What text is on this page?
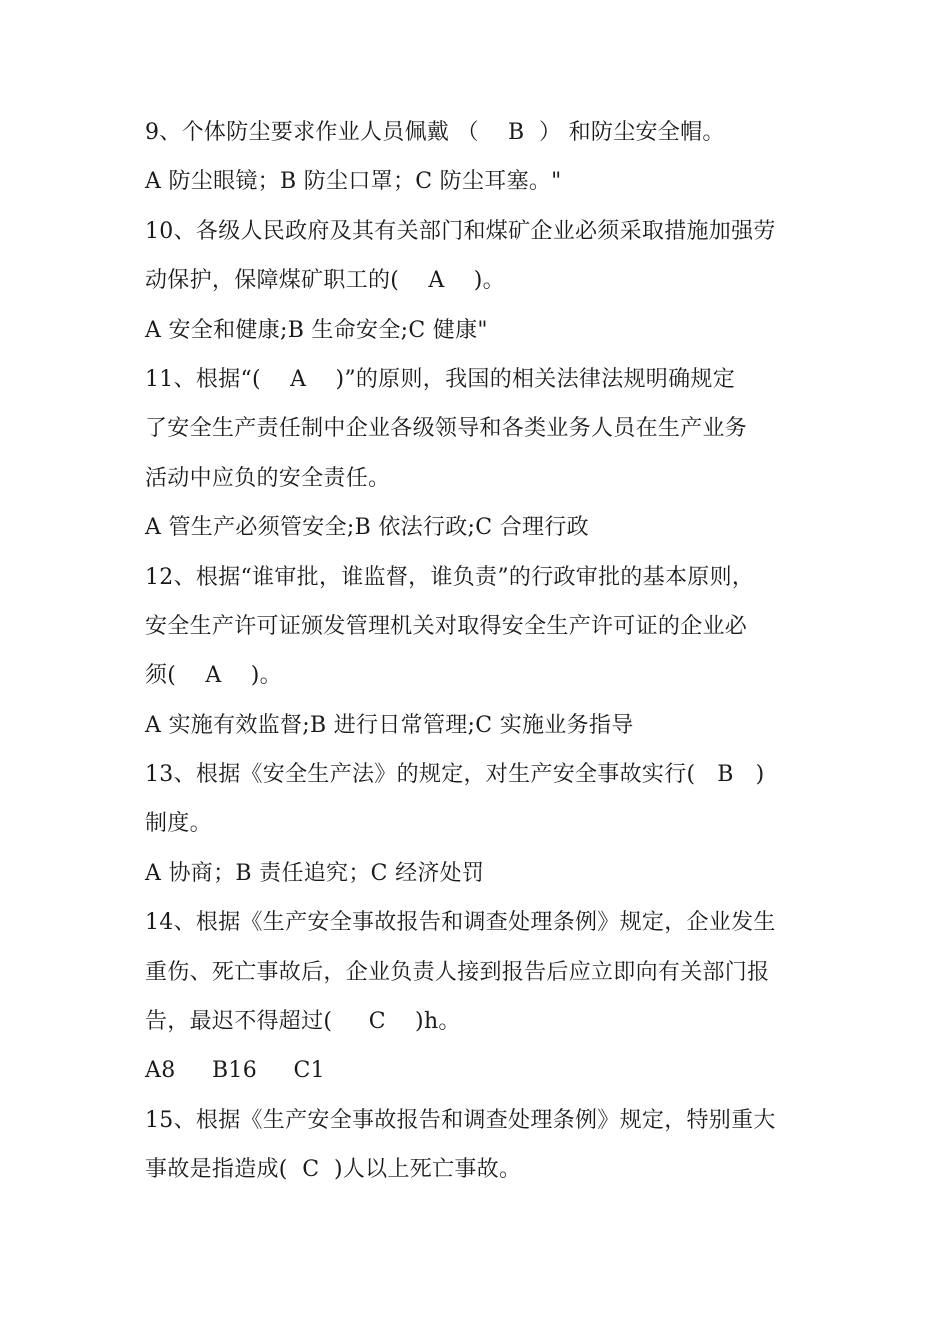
9、个体防尘要求作业人员佩戴 （    B  ） 和防尘安全帽。
A 防尘眼镜；B 防尘口罩；C 防尘耳塞。"
10、各级人民政府及其有关部门和煤矿企业必须采取措施加强劳
动保护，保障煤矿职工的(    A    )。
A 安全和健康;B 生命安全;C 健康"
11、根据“(    A    )”的原则，我国的相关法律法规明确规定
了安全生产责任制中企业各级领导和各类业务人员在生产业务
活动中应负的安全责任。
A 管生产必须管安全;B 依法行政;C 合理行政
12、根据“谁审批，谁监督，谁负责”的行政审批的基本原则，
安全生产许可证颁发管理机关对取得安全生产许可证的企业必
须(    A    )。
A 实施有效监督;B 进行日常管理;C 实施业务指导
13、根据《安全生产法》的规定，对生产安全事故实行(   B   )
制度。
A 协商；B 责任追究；C 经济处罚
14、根据《生产安全事故报告和调查处理条例》规定，企业发生
重伤、死亡事故后，企业负责人接到报告后应立即向有关部门报
告，最迟不得超过(     C    )h。
A8     B16     C1
15、根据《生产安全事故报告和调查处理条例》规定，特别重大
事故是指造成(  C  )人以上死亡事故。
